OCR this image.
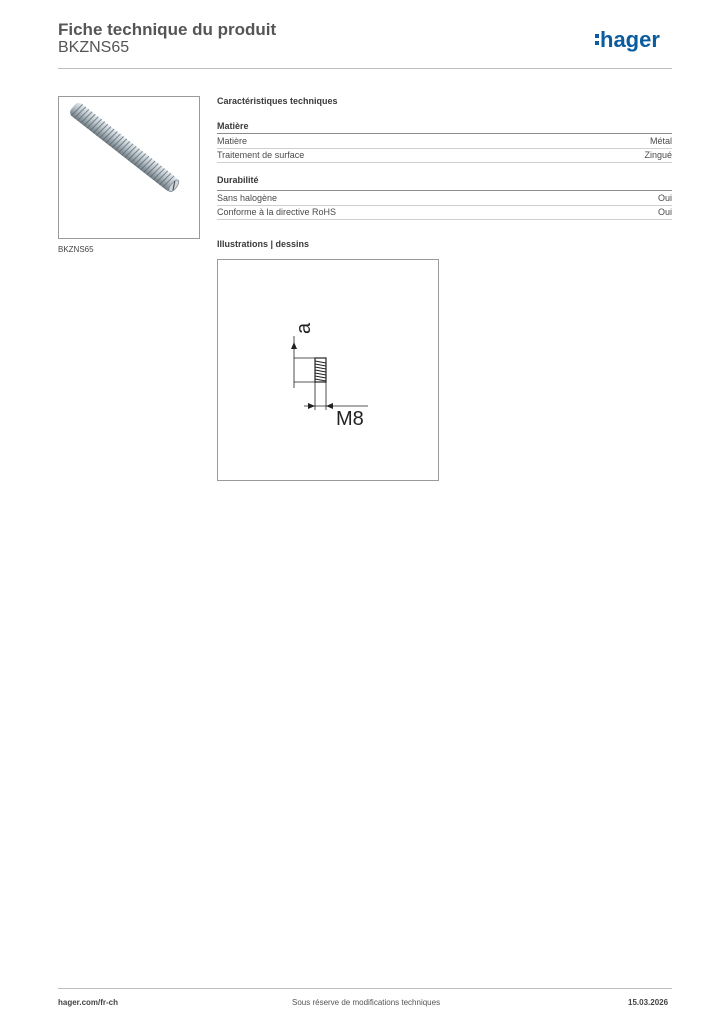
Fiche technique du produit
BKZNS65	hager
BKZNS65
Caractéristiques techniques
Matière
Matière	Métal
Traitement de surface	Zingué
Durabilité
Sans halogène	Oui
Conforme à la directive RoHS	Oui
Illustrations | dessins
a
M8
hager.com/fr-ch	Sous réserve de modifications techniques	15.03.2026
